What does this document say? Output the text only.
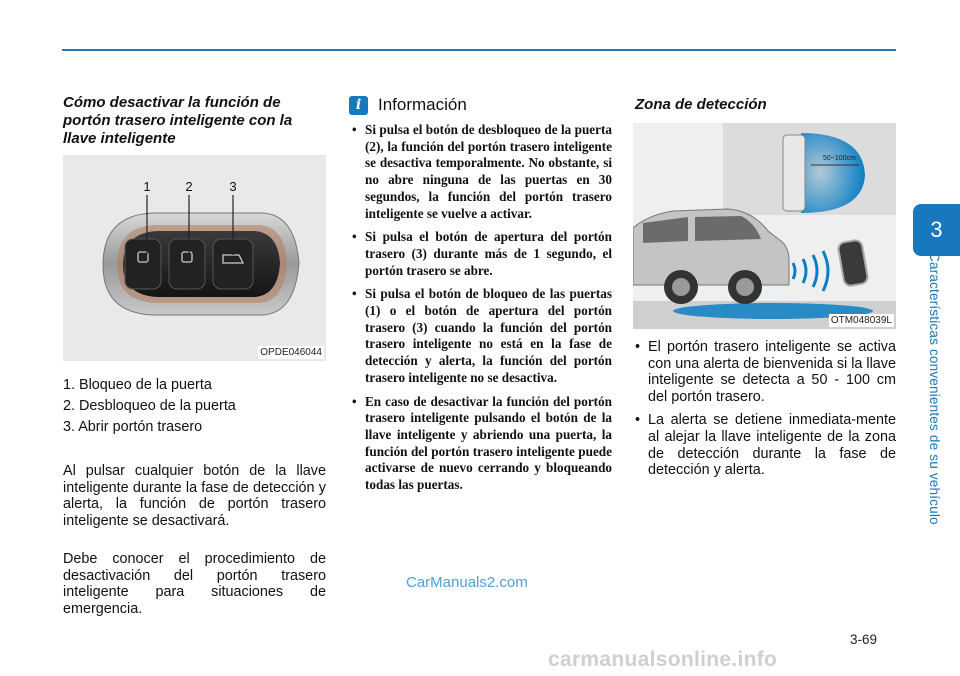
3
Características convenientes de su vehículo
Cómo desactivar la función de portón trasero inteligente con la llave inteligente
1	2	3
OPDE046044
1. Bloqueo de la puerta
2. Desbloqueo de la puerta
3. Abrir portón trasero

Al pulsar cualquier botón de la llave inteligente durante la fase de detección y alerta, la función de portón trasero inteligente se desactivará.

Debe conocer el procedimiento de desactivación del portón trasero inteligente para situaciones de emergencia.

i Información
• Si pulsa el botón de desbloqueo de la puerta (2), la función del portón trasero inteligente se desactiva temporalmente. No obstante, si no abre ninguna de las puertas en 30 segundos, la función del portón trasero inteligente se vuelve a activar.
• Si pulsa el botón de apertura del portón trasero (3) durante más de 1 segundo, el portón trasero se abre.
• Si pulsa el botón de bloqueo de las puertas (1) o el botón de apertura del portón trasero (3) cuando la función del portón trasero inteligente no está en la fase de detección y alerta, la función del portón trasero inteligente no se desactiva.
• En caso de desactivar la función del portón trasero inteligente pulsando el botón de la llave inteligente y abriendo una puerta, la función del portón trasero inteligente puede activarse de nuevo cerrando y bloqueando todas las puertas.
Zona de detección
50~100cm
OTM048039L
• El portón trasero inteligente se activa con una alerta de bienvenida si la llave inteligente se detecta a 50 - 100 cm del portón trasero.
• La alerta se detiene inmediata-mente al alejar la llave inteligente de la zona de detección durante la fase de detección y alerta.
3-69
CarManuals2.com
carmanualsonline.info
